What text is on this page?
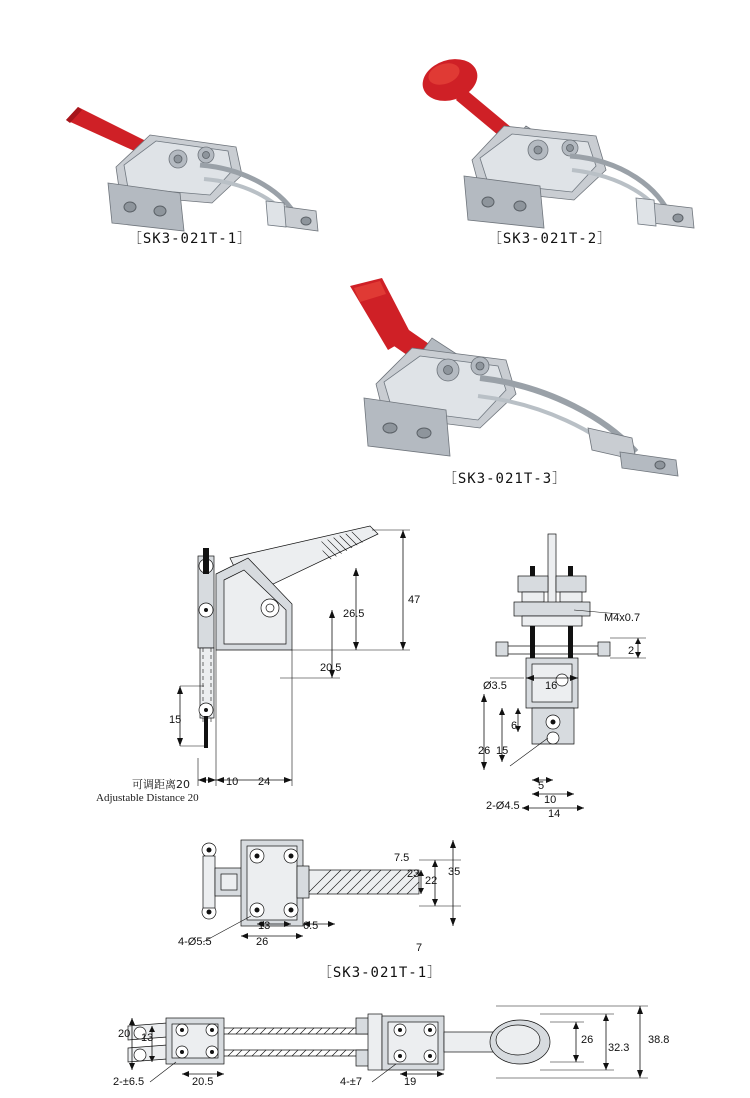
［SK3-021T-1］	［SK3-021T-2］
［SK3-021T-3］
47
26.5
20.5
15
10 24
可调距离20
Adjustable Distance 20
M4x0.7
2
Ø3.5	16
26 15
6
5
10
14
2-Ø4.5
7.5
35
22
23
13	6.5
26	7
4-Ø5.5
［SK3-021T-1］
20 13
2-±6.5	20.5	4-±7	19
26
32.3
38.8
